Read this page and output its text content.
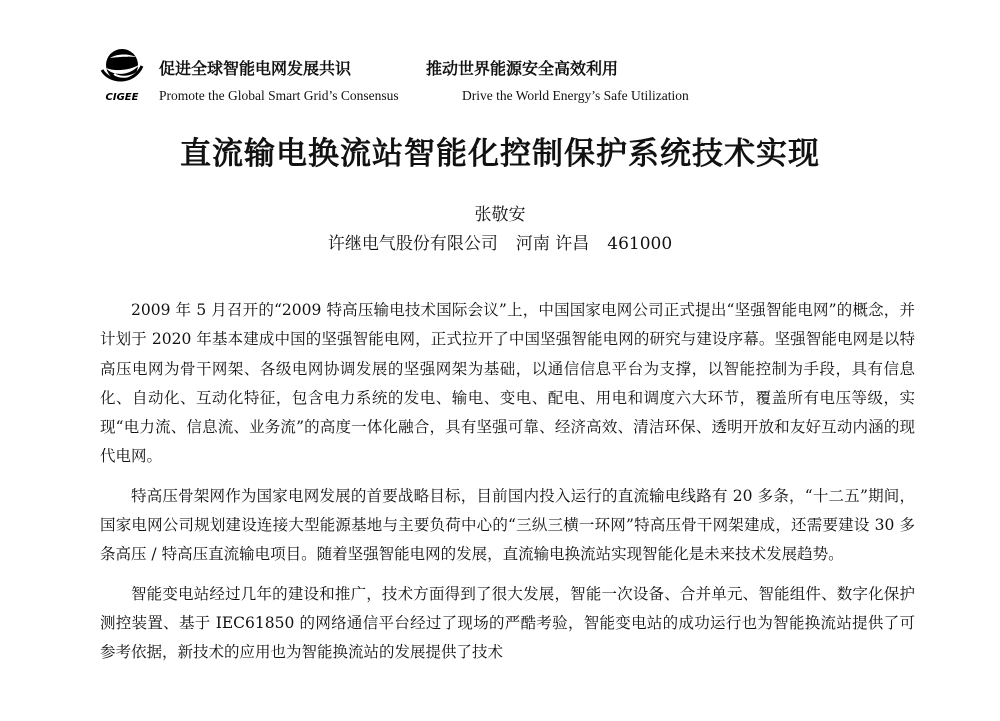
CIGEE
促进全球智能电网发展共识	推动世界能源安全高效利用
Promote the Global Smart Grid’s Consensus	Drive the World Energy’s Safe Utilization
直流输电换流站智能化控制保护系统技术实现
张敬安
许继电气股份有限公司 河南 许昌 461000

2009 年 5 月召开的“2009 特高压输电技术国际会议”上，中国国家电网公司正式提出“坚强智能电网”的概念，并计划于 2020 年基本建成中国的坚强智能电网，正式拉开了中国坚强智能电网的研究与建设序幕。坚强智能电网是以特高压电网为骨干网架、各级电网协调发展的坚强网架为基础，以通信信息平台为支撑，以智能控制为手段，具有信息化、自动化、互动化特征，包含电力系统的发电、输电、变电、配电、用电和调度六大环节，覆盖所有电压等级，实现“电力流、信息流、业务流”的高度一体化融合，具有坚强可靠、经济高效、清洁环保、透明开放和友好互动内涵的现代电网。

特高压骨架网作为国家电网发展的首要战略目标，目前国内投入运行的直流输电线路有 20 多条，“十二五”期间，国家电网公司规划建设连接大型能源基地与主要负荷中心的“三纵三横一环网”特高压骨干网架建成，还需要建设 30 多条高压 / 特高压直流输电项目。随着坚强智能电网的发展，直流输电换流站实现智能化是未来技术发展趋势。

智能变电站经过几年的建设和推广，技术方面得到了很大发展，智能一次设备、合并单元、智能组件、数字化保护测控装置、基于 IEC61850 的网络通信平台经过了现场的严酷考验，智能变电站的成功运行也为智能换流站提供了可参考依据，新技术的应用也为智能换流站的发展提供了技术
